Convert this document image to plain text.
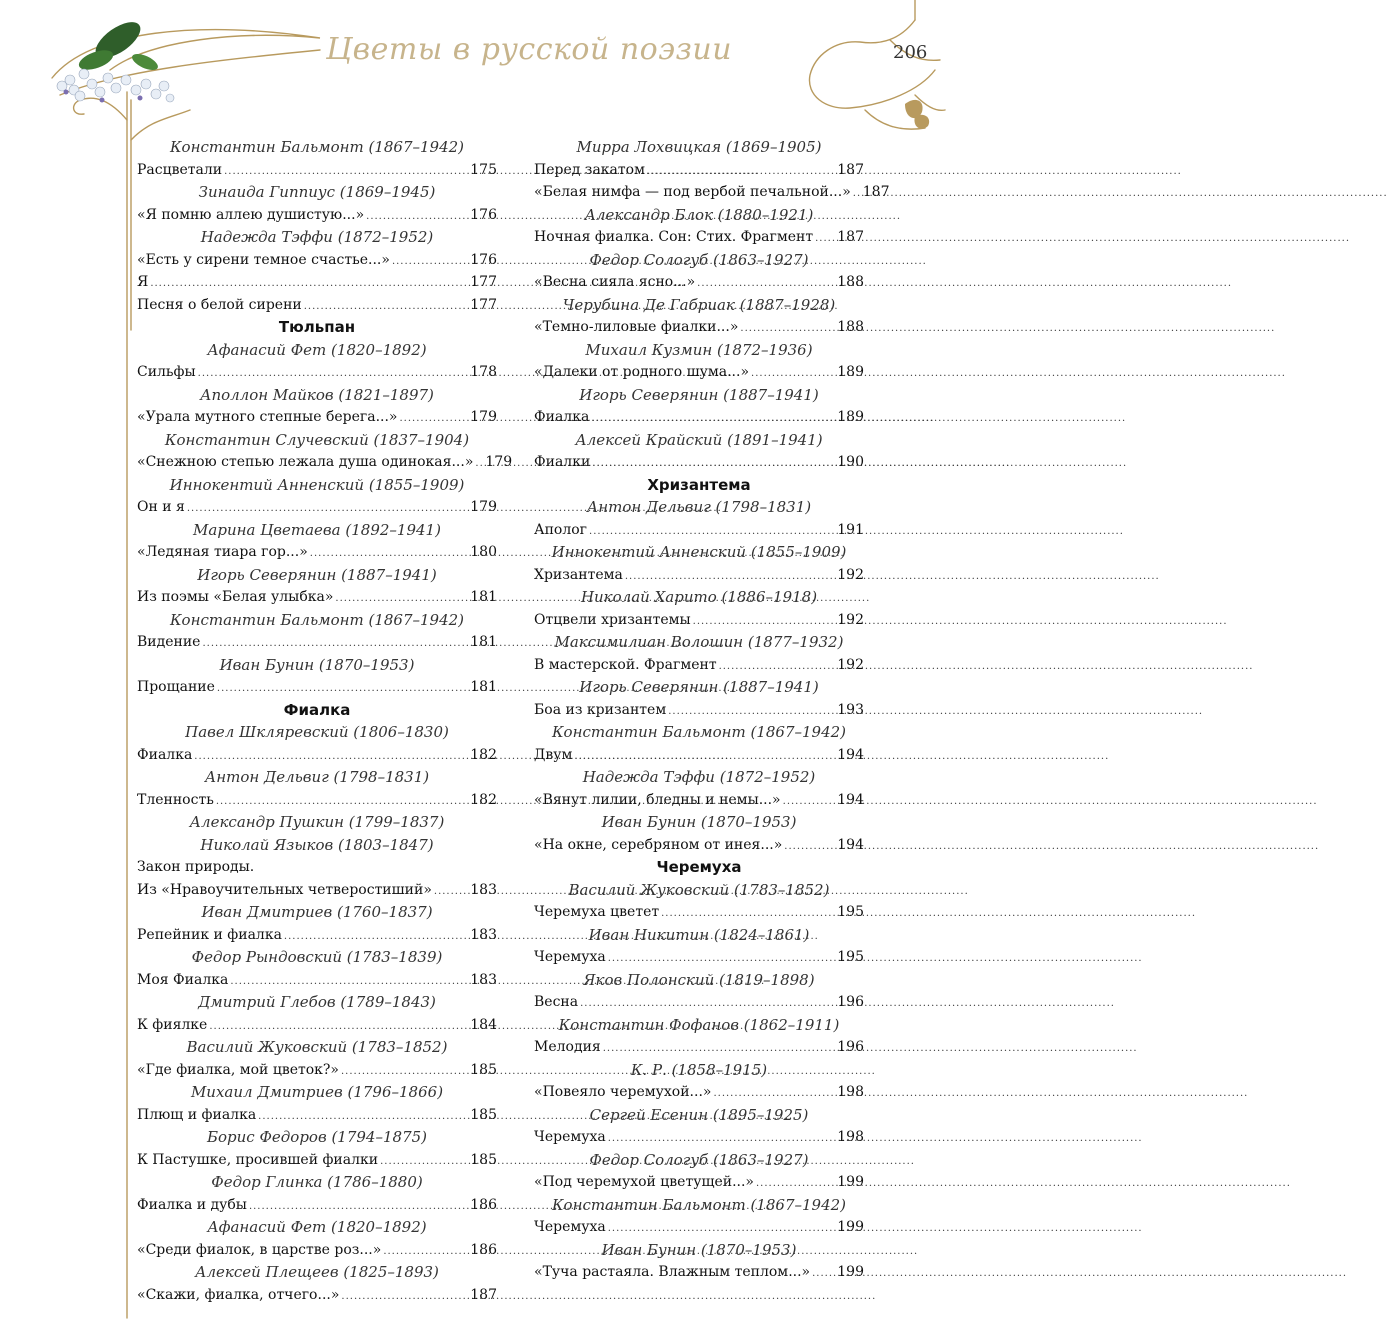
Цветы в русской поэзии	206
Константин Бальмонт (1867–1942)
Расцветали .....	175
Зинаида Гиппиус (1869–1945)
«Я помню аллею душистую...» .....	176
Надежда Тэффи (1872–1952)
«Есть у сирени темное счастье...» .....	176
Я .....	177
Песня о белой сирени .....	177
Тюльпан
Афанасий Фет (1820–1892)
Сильфы .....	178
Аполлон Майков (1821–1897)
«Урала мутного степные берега...» .....	179
Константин Случевский (1837–1904)
«Снежною степью лежала душа одинокая...» ..... 179
Иннокентий Анненский (1855–1909)
Он и я .....	179
Марина Цветаева (1892–1941)
«Ледяная тиара гор...» .....	180
Игорь Северянин (1887–1941)
Из поэмы «Белая улыбка» .....	181
Константин Бальмонт (1867–1942)
Видение .....	181
Иван Бунин (1870–1953)
Прощание .....	181
Фиалка
Павел Шкляревский (1806–1830)
Фиалка .....	182
Антон Дельвиг (1798–1831)
Тленность .....	182
Александр Пушкин (1799–1837)
Николай Языков (1803–1847)
Закон природы.
Из «Нравоучительных четверостиший» .....	183
Иван Дмитриев (1760–1837)
Репейник и фиалка .....	183
Федор Рындовский (1783–1839)
Моя Фиалка .....	183
Дмитрий Глебов (1789–1843)
К фиялке .....	184
Василий Жуковский (1783–1852)
«Где фиалка, мой цветок?» .....	185
Михаил Дмитриев (1796–1866)
Плющ и фиалка .....	185
Борис Федоров (1794–1875)
К Пастушке, просившей фиалки .....	185
Федор Глинка (1786–1880)
Фиалка и дубы .....	186
Афанасий Фет (1820–1892)
«Среди фиалок, в царстве роз...» .....	186
Алексей Плещеев (1825–1893)
«Скажи, фиалка, отчего...» .....	187
Мирра Лохвицкая (1869–1905)
Перед закатом .....	187
«Белая нимфа — под вербой печальной...» ..... 187
Александр Блок (1880–1921)
Ночная фиалка. Сон: Стих. Фрагмент ..... 187
Федор Сологуб (1863–1927)
«Весна сияла ясно...» .....	188
Черубина Де Габриак (1887–1928)
«Темно-лиловые фиалки...» .....	188
Михаил Кузмин (1872–1936)
«Далеки от родного шума...» .....	189
Игорь Северянин (1887–1941)
Фиалка .....	189
Алексей Крайский (1891–1941)
Фиалки .....	190
Хризантема
Антон Дельвиг (1798–1831)
Аполог .....	191
Иннокентий Анненский (1855–1909)
Хризантема .....	192
Николай Харито (1886–1918)
Отцвели хризантемы .....	192
Максимилиан Волошин (1877–1932)
В мастерской. Фрагмент .....	192
Игорь Северянин (1887–1941)
Боа из кризантем .....	193
Константин Бальмонт (1867–1942)
Двум .....	194
Надежда Тэффи (1872–1952)
«Вянут лилии, бледны и немы...» .....	194
Иван Бунин (1870–1953)
«На окне, серебряном от инея...» .....	194
Черемуха
Василий Жуковский (1783–1852)
Черемуха цветет .....	195
Иван Никитин (1824–1861)
Черемуха .....	195
Яков Полонский (1819–1898)
Весна .....	196
Константин Фофанов (1862–1911)
Мелодия .....	196
К. Р. (1858–1915)
«Повеяло черемухой...» .....	198
Сергей Есенин (1895–1925)
Черемуха .....	198
Федор Сологуб (1863–1927)
«Под черемухой цветущей...» .....	199
Константин Бальмонт (1867–1942)
Черемуха .....	199
Иван Бунин (1870–1953)
«Туча растаяла. Влажным теплом...» ..... 199
